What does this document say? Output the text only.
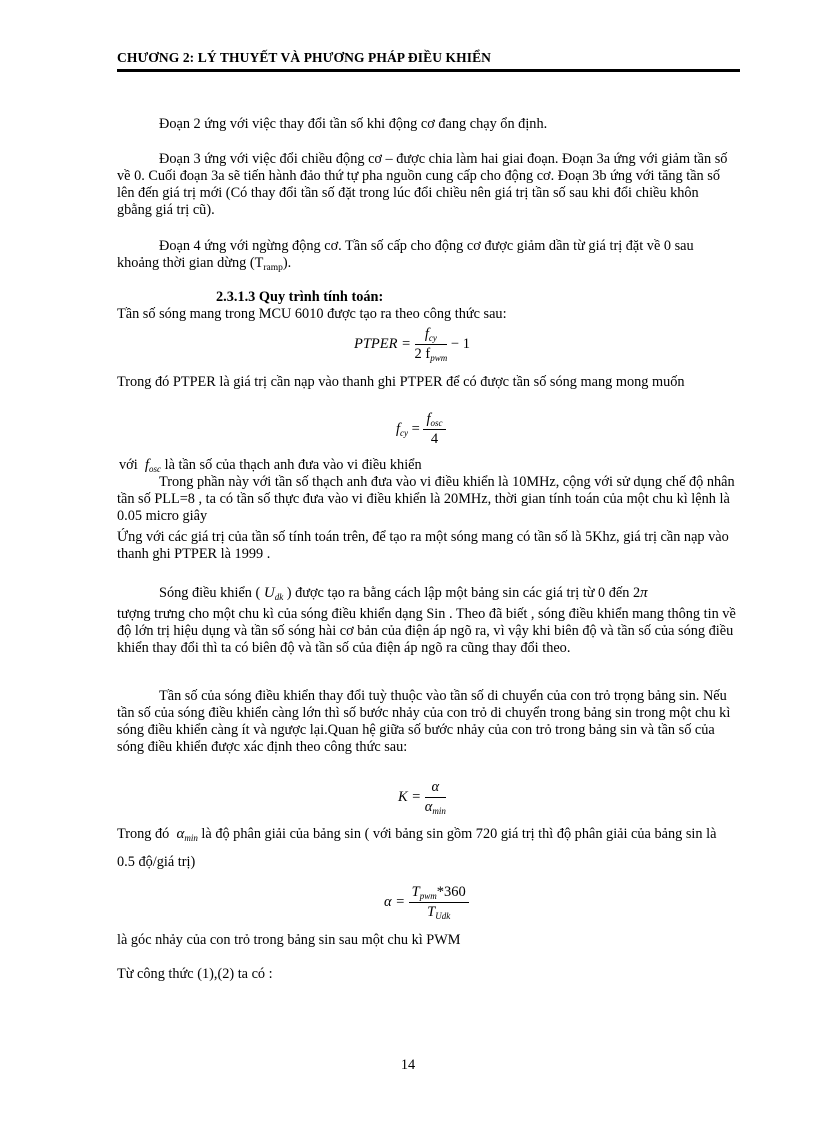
CHƯƠNG 2: LÝ THUYẾT VÀ PHƯƠNG PHÁP ĐIỀU KHIỂN

Đoạn 2 ứng với việc thay đổi tần số khi động cơ đang chạy ổn định.

Đoạn 3 ứng với việc đổi chiều động cơ – được chia làm hai giai đoạn. Đoạn 3a ứng với giảm tần số về 0. Cuối đoạn 3a sẽ tiến hành đảo thứ tự pha nguồn cung cấp cho động cơ. Đoạn 3b ứng với tăng tần số lên đến giá trị mới (Có thay đổi tần số đặt trong lúc đổi chiều nên giá trị tần số sau khi đổi chiều khôn gbằng giá trị cũ).

Đoạn 4 ứng với ngừng động cơ. Tần số cấp cho động cơ được giảm dần từ giá trị đặt về 0 sau khoảng thời gian dừng $(T_{ramp})$.

2.3.1.3 Quy trình tính toán:

Tần số sóng mang trong MCU 6010 được tạo ra theo công thức sau:

PTPER = $\frac{f_{cy}}{2 f_{pwm}} - 1$

Trong đó PTPER là giá trị cần nạp vào thanh ghi PTPER để có được tần số sóng mang mong muốn

$f_{cy} = \frac{f_{osc}}{4}$

với $f_{osc}$ là tần số của thạch anh đưa vào vi điều khiển

Trong phần này với tần số thạch anh đưa vào vi điều khiển là 10MHz, cộng với sử dụng chế độ nhân tần số PLL=8 , ta có tần số thực đưa vào vi điều khiển là 20MHz, thời gian tính toán của một chu kì lệnh là 0.05 micro giây

Ứng với các giá trị của tần số tính toán trên, để tạo ra một sóng mang có tần số là 5Khz, giá trị cần nạp vào thanh ghi PTPER là 1999 .

Sóng điều khiển ( $U_{dk}$ ) được tạo ra bằng cách lập một bảng sin các giá trị từ 0 đến 2π
tượng trưng cho một chu kì của sóng điều khiển dạng Sin . Theo đã biết , sóng điều khiển mang thông tin về độ lớn trị hiệu dụng và tần số sóng hài cơ bản của điện áp ngõ ra, vì vậy khi biên độ và tần số của sóng điều khiển thay đổi thì ta có biên độ và tần số của điện áp ngõ ra cũng thay đổi theo.

Tần số của sóng điều khiển thay đổi tuỳ thuộc vào tần số di chuyển của con trỏ trọng bảng sin. Nếu tần số của sóng điều khiển càng lớn thì số bước nhảy của con trỏ di chuyển trong bảng sin trong một chu kì sóng điều khiển càng ít và ngược lại.Quan hệ giữa số bước nhảy của con trỏ trong bảng sin và tần số của sóng điều khiển được xác định theo công thức sau:

$K = \frac{\alpha}{\alpha_{min}}$

Trong đó $\alpha_{min}$ là độ phân giải của bảng sin ( với bảng sin gồm 720 giá trị thì độ phân giải của bảng sin là 0.5 độ/giá trị)

$\alpha = \frac{T_{pwm}*360}{T_{Udk}}$

là góc nhảy của con trỏ trong bảng sin sau một chu kì PWM

Từ công thức (1),(2) ta có :

14
